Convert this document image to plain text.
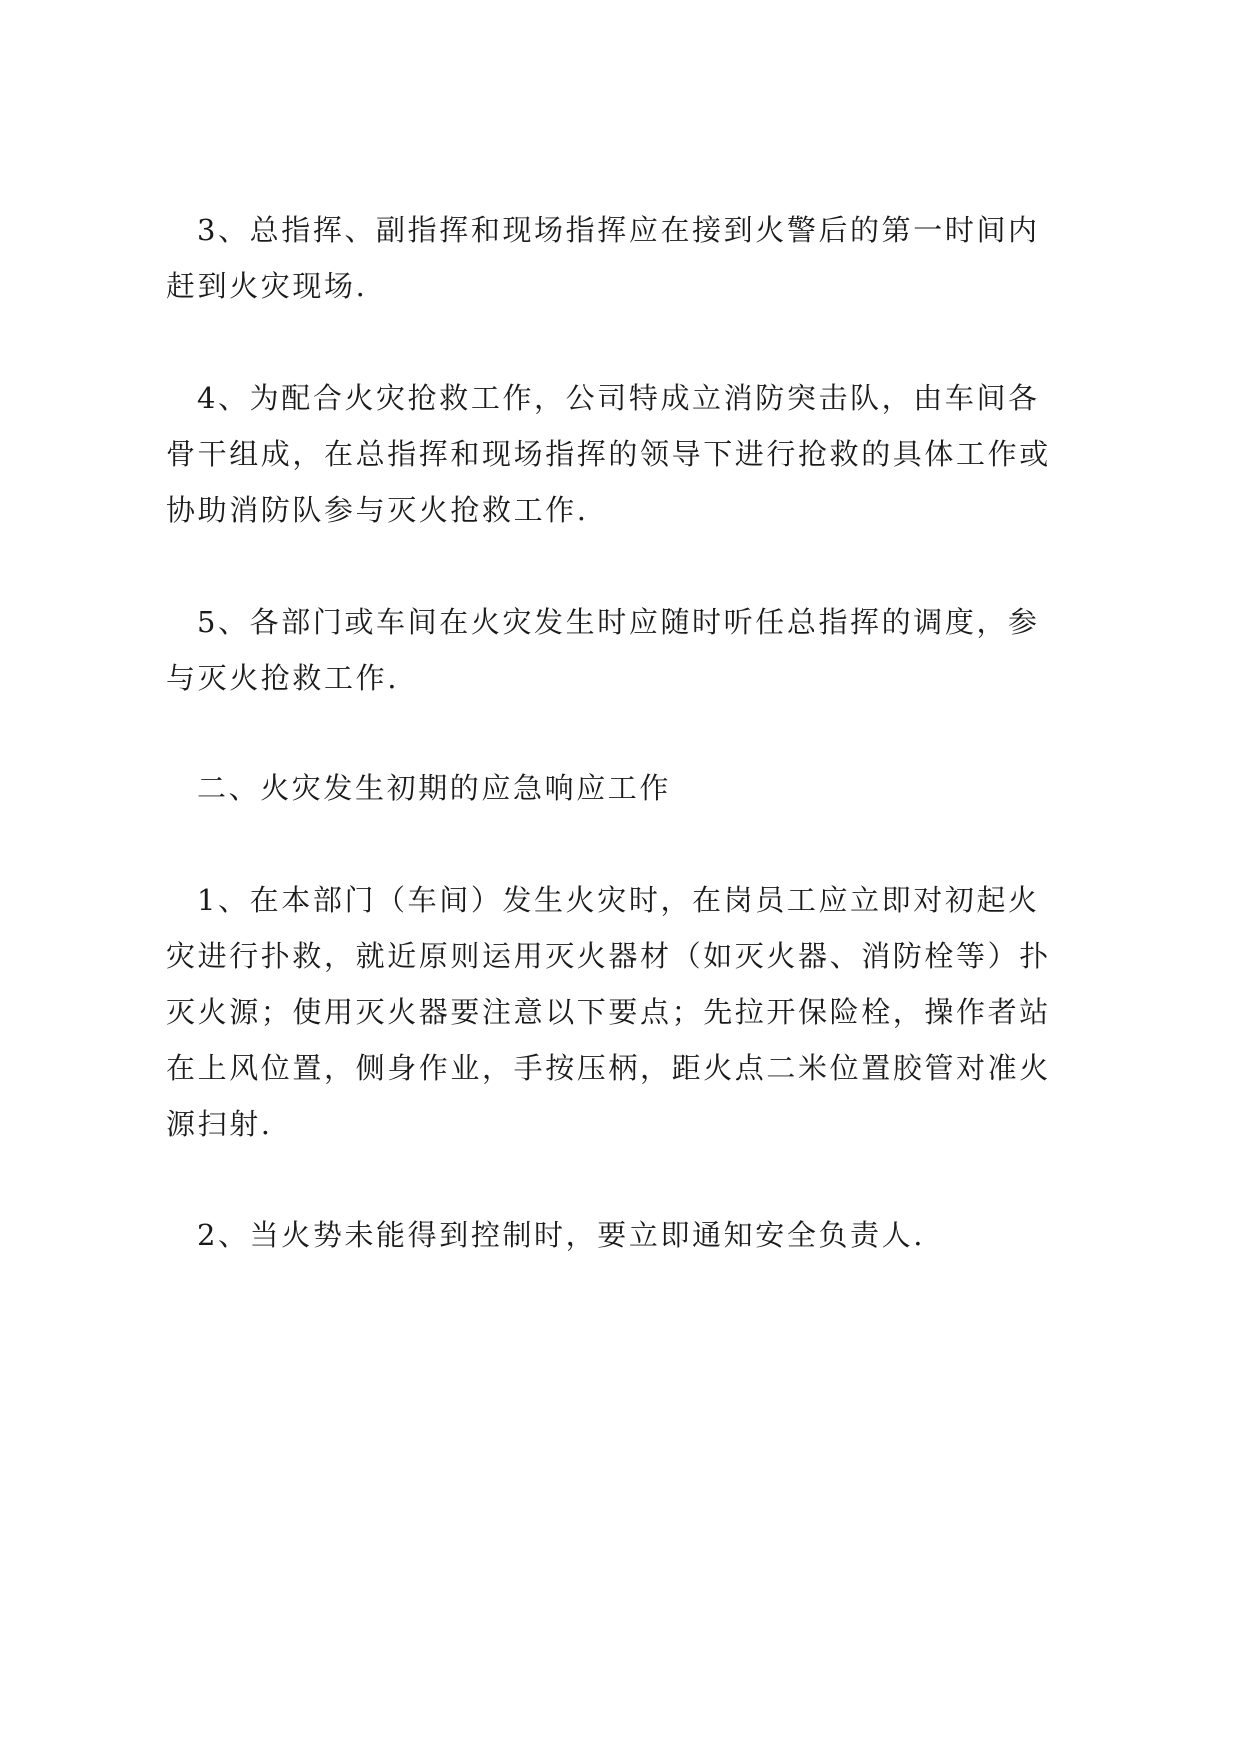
3、总指挥、副指挥和现场指挥应在接到火警后的第一时间内
赶到火灾现场.

4、为配合火灾抢救工作，公司特成立消防突击队，由车间各
骨干组成，在总指挥和现场指挥的领导下进行抢救的具体工作或
协助消防队参与灭火抢救工作.

5、各部门或车间在火灾发生时应随时听任总指挥的调度，参
与灭火抢救工作.

二、火灾发生初期的应急响应工作

1、在本部门（车间）发生火灾时，在岗员工应立即对初起火
灾进行扑救，就近原则运用灭火器材（如灭火器、消防栓等）扑
灭火源；使用灭火器要注意以下要点；先拉开保险栓，操作者站
在上风位置，侧身作业，手按压柄，距火点二米位置胶管对准火
源扫射.

2、当火势未能得到控制时，要立即通知安全负责人.
